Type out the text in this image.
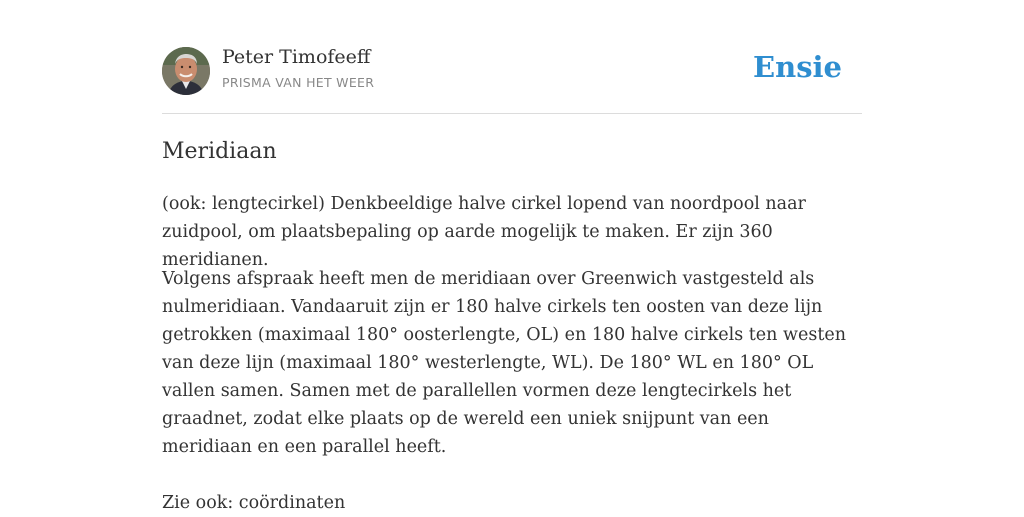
Peter Timofeeff
PRISMA VAN HET WEER	Ensie
Meridiaan

(ook: lengtecirkel) Denkbeeldige halve cirkel lopend van noordpool naar zuidpool, om plaatsbepaling op aarde mogelijk te maken. Er zijn 360 meridianen.

Volgens afspraak heeft men de meridiaan over Greenwich vastgesteld als nulmeridiaan. Vandaaruit zijn er 180 halve cirkels ten oosten van deze lijn getrokken (maximaal 180° oosterlengte, OL) en 180 halve cirkels ten westen van deze lijn (maximaal 180° westerlengte, WL). De 180° WL en 180° OL vallen samen. Samen met de parallellen vormen deze lengtecirkels het graadnet, zodat elke plaats op de wereld een uniek snijpunt van een meridiaan en een parallel heeft.

Zie ook: coördinaten
